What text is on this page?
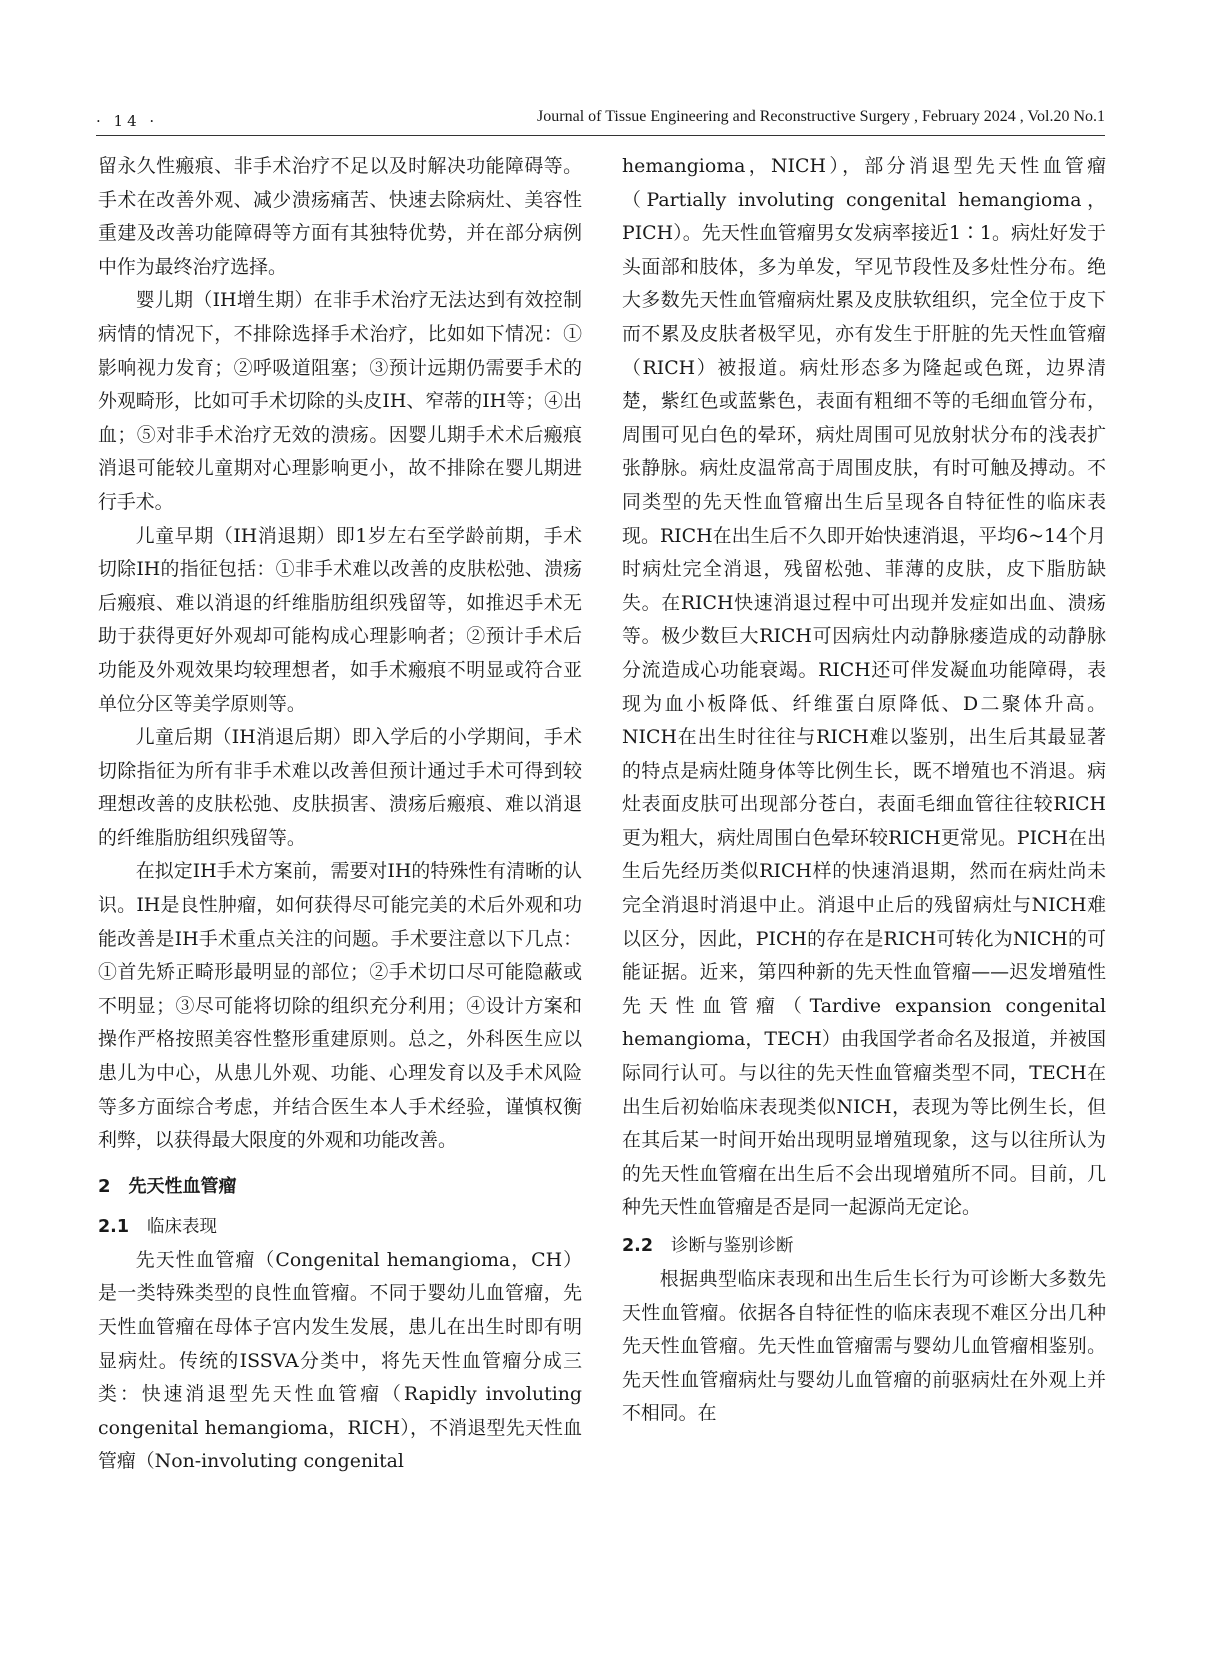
· 14 ·	Journal of Tissue Engineering and Reconstructive Surgery , February 2024 , Vol.20 No.1

留永久性瘢痕、非手术治疗不足以及时解决功能障碍等。手术在改善外观、减少溃疡痛苦、快速去除病灶、美容性重建及改善功能障碍等方面有其独特优势，并在部分病例中作为最终治疗选择。

婴儿期（IH增生期）在非手术治疗无法达到有效控制病情的情况下，不排除选择手术治疗，比如如下情况：①影响视力发育；②呼吸道阻塞；③预计远期仍需要手术的外观畸形，比如可手术切除的头皮IH、窄蒂的IH等；④出血；⑤对非手术治疗无效的溃疡。因婴儿期手术术后瘢痕消退可能较儿童期对心理影响更小，故不排除在婴儿期进行手术。

儿童早期（IH消退期）即1岁左右至学龄前期，手术切除IH的指征包括：①非手术难以改善的皮肤松弛、溃疡后瘢痕、难以消退的纤维脂肪组织残留等，如推迟手术无助于获得更好外观却可能构成心理影响者；②预计手术后功能及外观效果均较理想者，如手术瘢痕不明显或符合亚单位分区等美学原则等。

儿童后期（IH消退后期）即入学后的小学期间，手术切除指征为所有非手术难以改善但预计通过手术可得到较理想改善的皮肤松弛、皮肤损害、溃疡后瘢痕、难以消退的纤维脂肪组织残留等。

在拟定IH手术方案前，需要对IH的特殊性有清晰的认识。IH是良性肿瘤，如何获得尽可能完美的术后外观和功能改善是IH手术重点关注的问题。手术要注意以下几点：①首先矫正畸形最明显的部位；②手术切口尽可能隐蔽或不明显；③尽可能将切除的组织充分利用；④设计方案和操作严格按照美容性整形重建原则。总之，外科医生应以患儿为中心，从患儿外观、功能、心理发育以及手术风险等多方面综合考虑，并结合医生本人手术经验，谨慎权衡利弊，以获得最大限度的外观和功能改善。

2 先天性血管瘤
2.1 临床表现

先天性血管瘤（Congenital hemangioma，CH）是一类特殊类型的良性血管瘤。不同于婴幼儿血管瘤，先天性血管瘤在母体子宫内发生发展，患儿在出生时即有明显病灶。传统的ISSVA分类中，将先天性血管瘤分成三类：快速消退型先天性血管瘤（Rapidly involuting congenital hemangioma，RICH），不消退型先天性血管瘤（Non-involuting congenital

hemangioma，NICH），部分消退型先天性血管瘤（Partially involuting congenital hemangioma，PICH）。先天性血管瘤男女发病率接近1∶1。病灶好发于头面部和肢体，多为单发，罕见节段性及多灶性分布。绝大多数先天性血管瘤病灶累及皮肤软组织，完全位于皮下而不累及皮肤者极罕见，亦有发生于肝脏的先天性血管瘤（RICH）被报道。病灶形态多为隆起或色斑，边界清楚，紫红色或蓝紫色，表面有粗细不等的毛细血管分布，周围可见白色的晕环，病灶周围可见放射状分布的浅表扩张静脉。病灶皮温常高于周围皮肤，有时可触及搏动。不同类型的先天性血管瘤出生后呈现各自特征性的临床表现。RICH在出生后不久即开始快速消退，平均6~14个月时病灶完全消退，残留松弛、菲薄的皮肤，皮下脂肪缺失。在RICH快速消退过程中可出现并发症如出血、溃疡等。极少数巨大RICH可因病灶内动静脉瘘造成的动静脉分流造成心功能衰竭。RICH还可伴发凝血功能障碍，表现为血小板降低、纤维蛋白原降低、D二聚体升高。NICH在出生时往往与RICH难以鉴别，出生后其最显著的特点是病灶随身体等比例生长，既不增殖也不消退。病灶表面皮肤可出现部分苍白，表面毛细血管往往较RICH更为粗大，病灶周围白色晕环较RICH更常见。PICH在出生后先经历类似RICH样的快速消退期，然而在病灶尚未完全消退时消退中止。消退中止后的残留病灶与NICH难以区分，因此，PICH的存在是RICH可转化为NICH的可能证据。近来，第四种新的先天性血管瘤——迟发增殖性先天性血管瘤（Tardive expansion congenital hemangioma，TECH）由我国学者命名及报道，并被国际同行认可。与以往的先天性血管瘤类型不同，TECH在出生后初始临床表现类似NICH，表现为等比例生长，但在其后某一时间开始出现明显增殖现象，这与以往所认为的先天性血管瘤在出生后不会出现增殖所不同。目前，几种先天性血管瘤是否是同一起源尚无定论。

2.2 诊断与鉴别诊断

根据典型临床表现和出生后生长行为可诊断大多数先天性血管瘤。依据各自特征性的临床表现不难区分出几种先天性血管瘤。先天性血管瘤需与婴幼儿血管瘤相鉴别。先天性血管瘤病灶与婴幼儿血管瘤的前驱病灶在外观上并不相同。在
